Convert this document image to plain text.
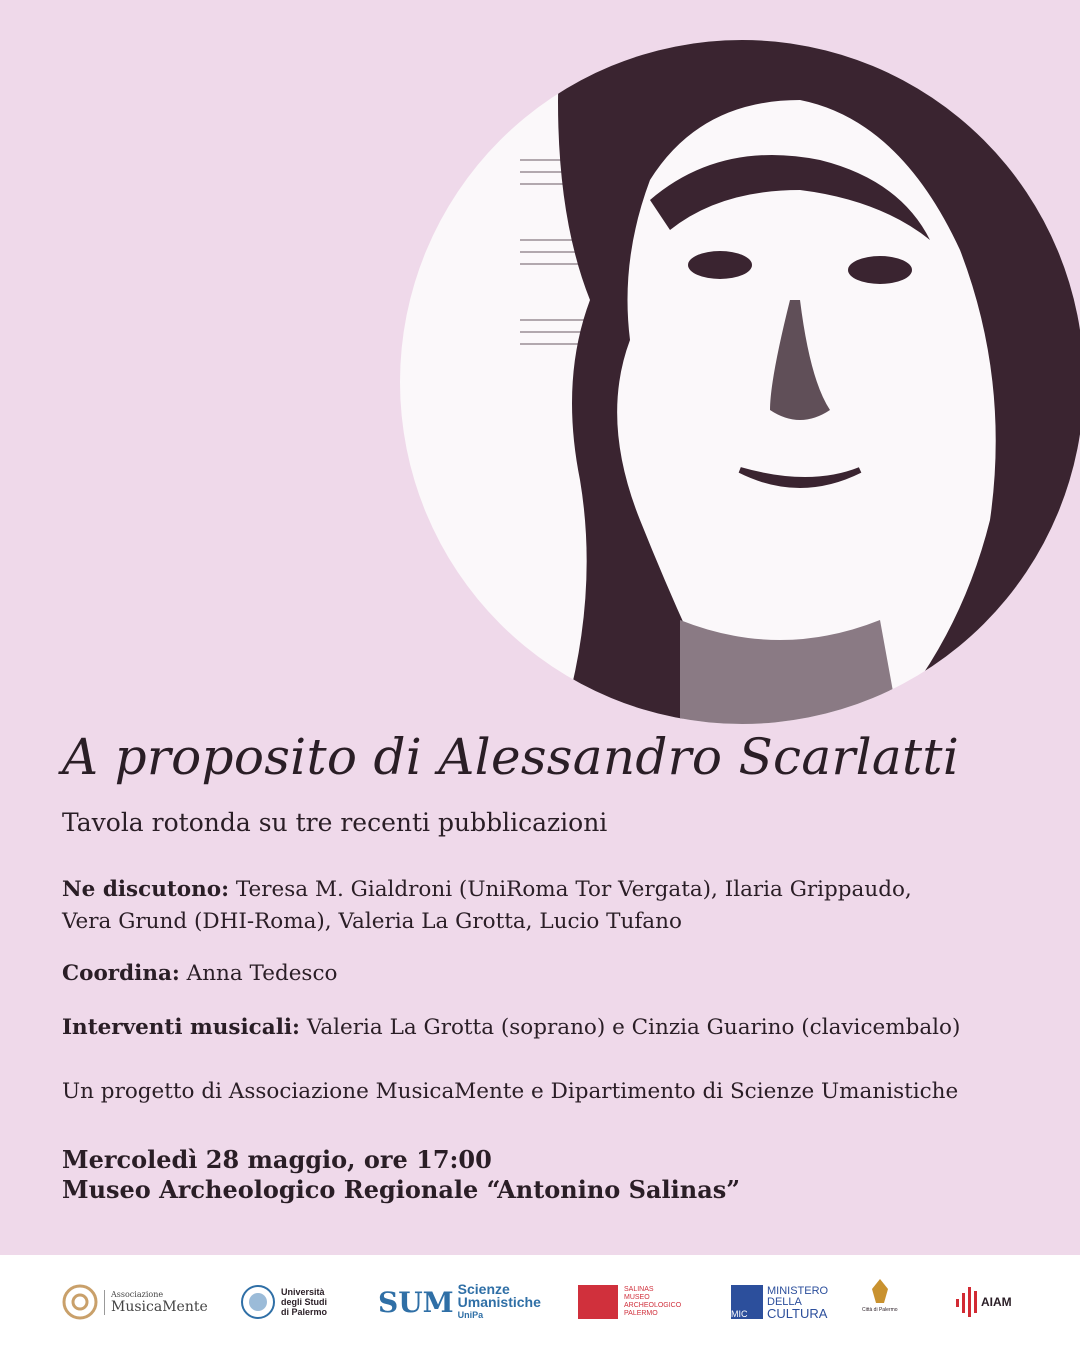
A proposito di Alessandro Scarlatti
Tavola rotonda su tre recenti pubblicazioni
Ne discutono: Teresa M. Gialdroni (UniRoma Tor Vergata), Ilaria Grippaudo,
Vera Grund (DHI-Roma), Valeria La Grotta, Lucio Tufano
Coordina: Anna Tedesco
Interventi musicali: Valeria La Grotta (soprano) e Cinzia Guarino (clavicembalo)
Un progetto di Associazione MusicaMente e Dipartimento di Scienze Umanistiche
Mercoledì 28 maggio, ore 17:00
Museo Archeologico Regionale “Antonino Salinas”
Associazione
MusicaMente
Università
degli Studi
di Palermo SUM Scienze
Umanistiche
UniPa
SALINAS
MUSEO
ARCHEOLOGICO
PALERMO	MIC
MINISTERO
DELLA
CULTURA	Città di Palermo
AIAM
